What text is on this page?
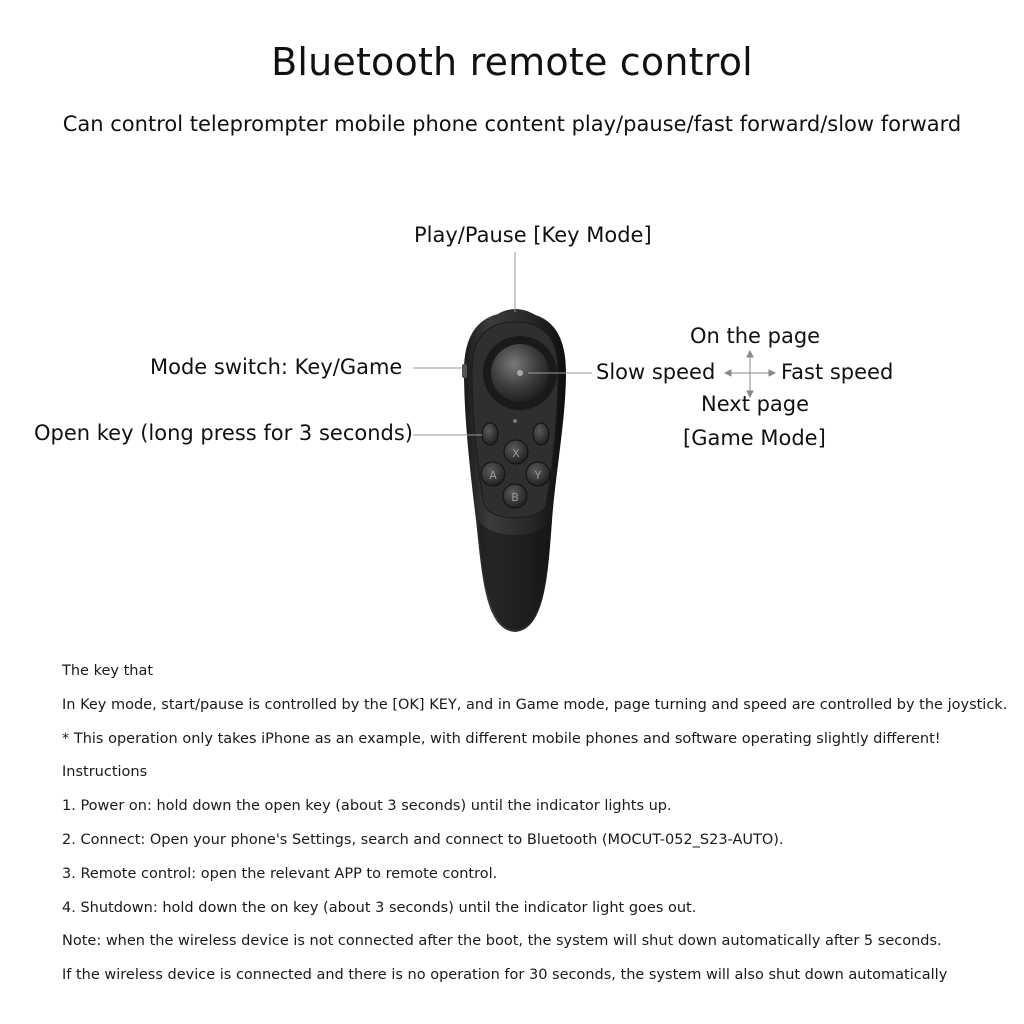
X
Y
A
B
Bluetooth remote control
Can control teleprompter mobile phone content play/pause/fast forward/slow forward
Play/Pause [Key Mode]
Mode switch: Key/Game
Open key (long press for 3 seconds)
On the page
Slow speed	Fast speed
Next page
[Game Mode]
The key that
In Key mode, start/pause is controlled by the [OK] KEY, and in Game mode, page turning and speed are controlled by the joystick.
* This operation only takes iPhone as an example, with different mobile phones and software operating slightly different!
Instructions
1. Power on: hold down the open key (about 3 seconds) until the indicator lights up.
2. Connect: Open your phone's Settings, search and connect to Bluetooth (MOCUT-052_S23-AUTO).
3. Remote control: open the relevant APP to remote control.
4. Shutdown: hold down the on key (about 3 seconds) until the indicator light goes out.
Note: when the wireless device is not connected after the boot, the system will shut down automatically after 5 seconds.
If the wireless device is connected and there is no operation for 30 seconds, the system will also shut down automatically
